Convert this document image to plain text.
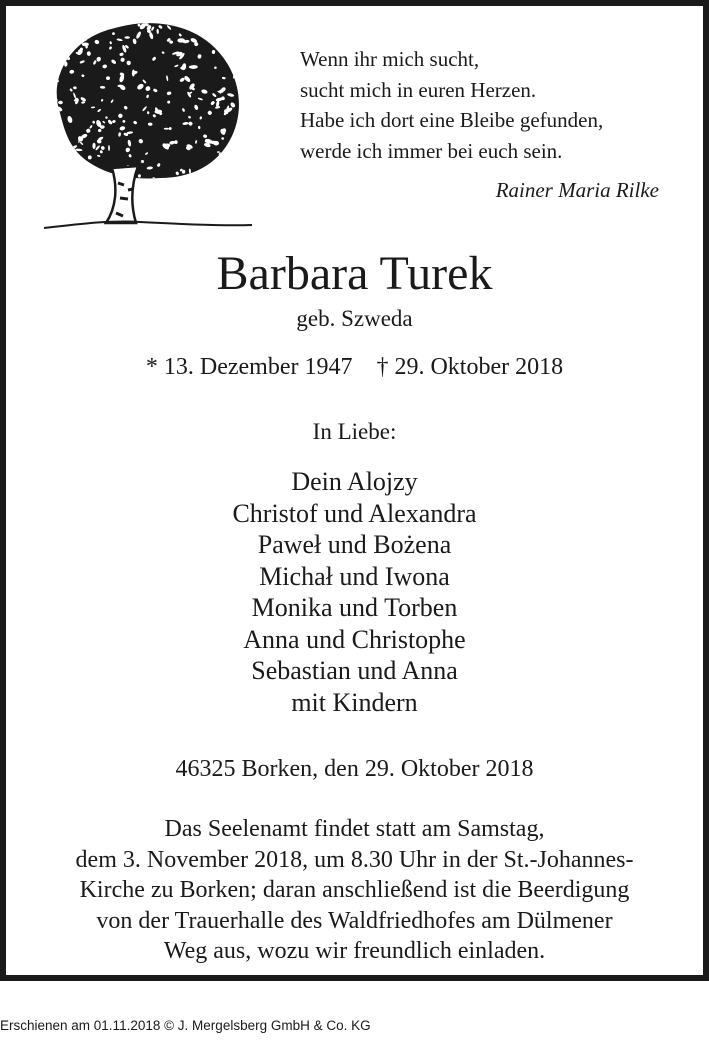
Wenn ihr mich sucht,
sucht mich in euren Herzen.
Habe ich dort eine Bleibe gefunden,
werde ich immer bei euch sein.
Rainer Maria Rilke
Barbara Turek
geb. Szweda
* 13. Dezember 1947 † 29. Oktober 2018
In Liebe:
Dein Alojzy
Christof und Alexandra
Paweł und Bożena
Michał und Iwona
Monika und Torben
Anna und Christophe
Sebastian und Anna
mit Kindern
46325 Borken, den 29. Oktober 2018
Das Seelenamt findet statt am Samstag,
dem 3. November 2018, um 8.30 Uhr in der St.-Johannes-
Kirche zu Borken; daran anschließend ist die Beerdigung
von der Trauerhalle des Waldfriedhofes am Dülmener
Weg aus, wozu wir freundlich einladen.
Erschienen am 01.11.2018 © J. Mergelsberg GmbH & Co. KG
